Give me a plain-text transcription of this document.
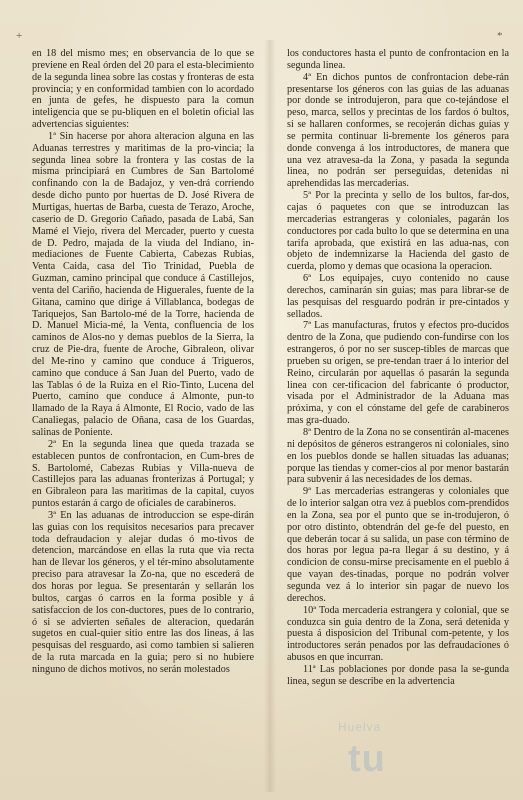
+	*

en 18 del mismo mes; en observancia de lo que se previene en Real órden del 20 para el esta-blecimiento de la segunda linea sobre las costas y fronteras de esta provincia; y en conformidad tambien con lo acordado en junta de gefes, he dispuesto para la comun inteligencia que se pu-bliquen en el boletin oficial las advertencias siguientes:

1ª Sin hacerse por ahora alteracion alguna en las Aduanas terrestres y maritimas de la pro-vincia; la segunda linea sobre la frontera y las costas de la misma principiará en Cumbres de San Bartolomé confinando con la de Badajoz, y ven-drá corriendo desde dicho punto por huertas de D. José Rivera de Murtigas, huertas de Barba, cuesta de Terazo, Aroche, caserio de D. Gregorio Cañado, pasada de Labá, San Mamé el Viejo, rivera del Mercader, puerto y cuesta de D. Pedro, majada de la viuda del Indiano, in-mediaciones de Fuente Cabierta, Cabezas Rubias, Venta Caida, casa del Tio Trinidad, Puebla de Guzman, camino principal que conduce á Castillejos, venta del Cariño, hacienda de Higuerales, fuente de la Gitana, camino que dirige á Villablanca, bodegas de Tariquejos, San Bartolo-mé de la Torre, hacienda de D. Manuel Micia-mé, la Venta, confluencia de los caminos de Alos-no y demas pueblos de la Sierra, la cruz de Pie-dra, fuente de Aroche, Gibraleon, olivar del Me-rino y camino que conduce á Trigueros, camino que conduce á San Juan del Puerto, vado de las Tablas ó de la Ruiza en el Rio-Tinto, Lucena del Puerto, camino que conduce á Almonte, pun-to llamado de la Raya á Almonte, El Rocio, vado de las Canaliegas, palacio de Oñana, casa de los Guardas, salinas de Poniente.

2ª En la segunda linea que queda trazada se establecen puntos de confrontacion, en Cum-bres de S. Bartolomé, Cabezas Rubias y Villa-nueva de Castillejos para las aduanas fronterizas á Portugal; y en Gibraleon para las maritimas de la capital, cuyos puntos estarán á cargo de oficiales de carabineros.

3ª En las aduanas de introduccion se espe-dirán las guias con los requisitos necesarios para precaver toda defraudacion y alejar dudas ó mo-tivos de detencion, marcándose en ellas la ruta que via recta han de llevar los géneros, y el tér-mino absolutamente preciso para atravesar la Zo-na, que no escederá de dos horas por legua. Se presentarán y sellarán los bultos, cargas ó carros en la forma posible y á satisfaccion de los con-ductores, pues de lo contrario, ó si se advierten señales de alteracion, quedarán sugetos en cual-quier sitio entre las dos lineas, á las pesquisas del resguardo, asi como tambien si salieren de la ruta marcada en la guia; pero si no hubiere ninguno de dichos motivos, no serán molestados

los conductores hasta el punto de confrontacion en la segunda linea.

4ª En dichos puntos de confrontacion debe-rán presentarse los géneros con las guias de las aduanas por donde se introdujeron, para que co-tejándose el peso, marca, sellos y precintas de los fardos ó bultos, si se hallaren conformes, se recojerán dichas guias y se permita continuar li-bremente los géneros para donde convenga á los introductores, de manera que una vez atravesa-da la Zona, y pasada la segunda linea, no podrán ser perseguidas, detenidas ni aprehendidas las mercaderias.

5ª Por la precinta y sello de los bultos, far-dos, cajas ó paquetes con que se introduzcan las mercaderias estrangeras y coloniales, pagarán los conductores por cada bulto lo que se determina en una tarifa aprobada, que existirá en las adua-nas, con objeto de indemnizarse la Hacienda del gasto de cuerda, plomo y demas que ocasiona la operacion.

6ª Los equipajes, cuyo contenido no cause derechos, caminarán sin guias; mas para librar-se de las pesquisas del resguardo podrán ir pre-cintados y sellados.

7ª Las manufacturas, frutos y efectos pro-ducidos dentro de la Zona, que pudiendo con-fundirse con los estrangeros, ó por no ser suscep-tibles de marcas que prueben su origen, se pre-tendan traer á lo interior del Reino, circularán por aquellas ó pasarán la segunda linea con cer-tificacion del fabricante ó productor, visada por el Administrador de la Aduana mas próxima, y con el cónstame del gefe de carabineros mas gra-duado.

8ª Dentro de la Zona no se consentirán al-macenes ni depósitos de géneros estrangeros ni coloniales, sino en los pueblos donde se hallen situadas las aduanas; porque las tiendas y comer-cios al por menor bastarán para subvenir á las necesidades de los demas.

9ª Las mercaderias estrangeras y coloniales que de lo interior salgan otra vez á pueblos com-prendidos en la Zona, sea por el punto que se in-trodujeron, ó por otro distinto, obtendrán del ge-fe del puesto, en que deberán tocar á su salida, un pase con término de dos horas por legua pa-ra llegar á su destino, y á condicion de consu-mirse precisamente en el pueblo á que vayan des-tinadas, porque no podrán volver segunda vez á lo interior sin pagar de nuevo los derechos.

10ª Toda mercaderia estrangera y colonial, que se conduzca sin guia dentro de la Zona, será detenida y puesta á disposicion del Tribunal com-petente, y los introductores serán penados por las defraudaciones ó abusos en que incurran.

11ª Las poblaciones por donde pasa la se-gunda linea, segun se describe en la advertencia

Huelva
tu
